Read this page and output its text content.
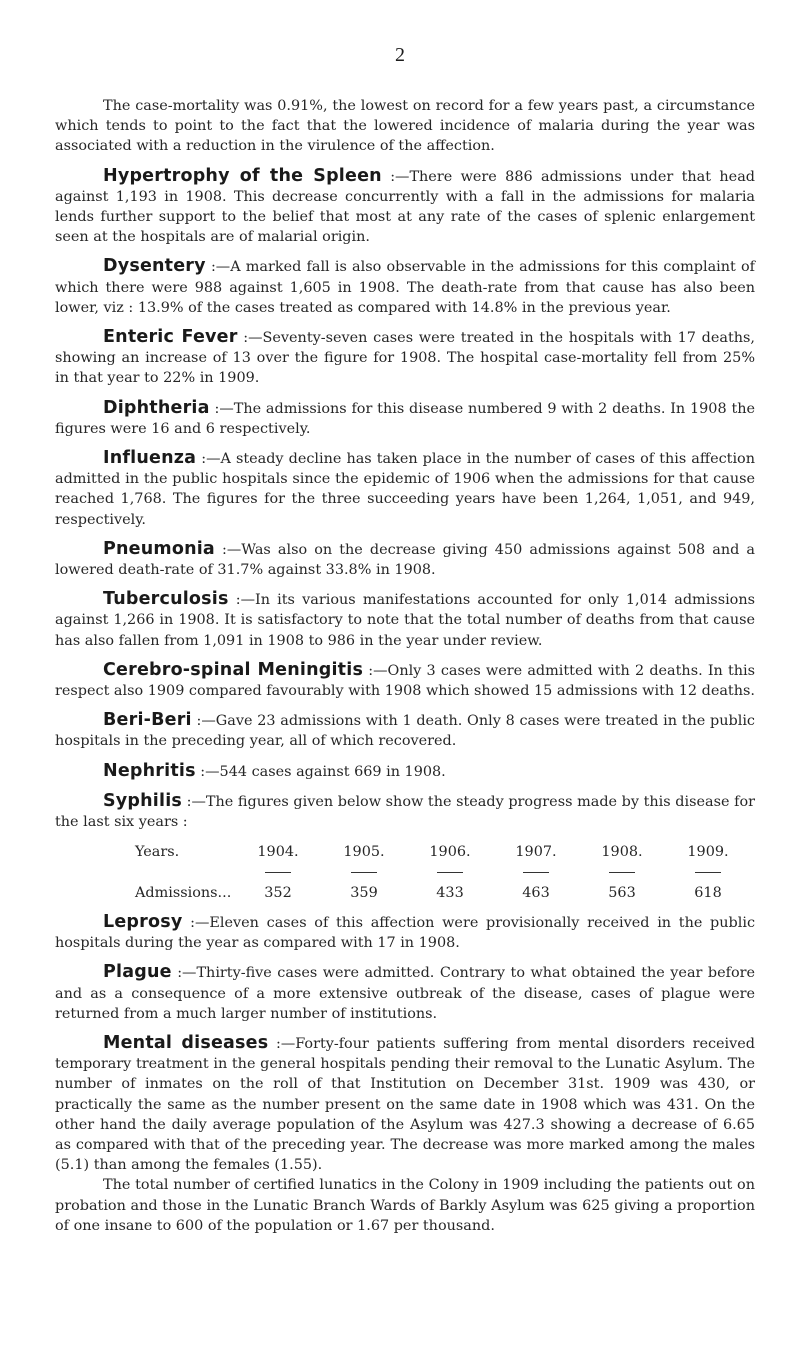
2

The case-mortality was 0.91%, the lowest on record for a few years past, a circumstance which tends to point to the fact that the lowered incidence of malaria during the year was associated with a reduction in the virulence of the affection.

Hypertrophy of the Spleen :—There were 886 admissions under that head against 1,193 in 1908. This decrease concurrently with a fall in the admissions for malaria lends further support to the belief that most at any rate of the cases of splenic enlargement seen at the hospitals are of malarial origin.

Dysentery :—A marked fall is also observable in the admissions for this complaint of which there were 988 against 1,605 in 1908. The death-rate from that cause has also been lower, viz : 13.9% of the cases treated as compared with 14.8% in the previous year.

Enteric Fever :—Seventy-seven cases were treated in the hospitals with 17 deaths, showing an increase of 13 over the figure for 1908. The hospital case-mortality fell from 25% in that year to 22% in 1909.

Diphtheria :—The admissions for this disease numbered 9 with 2 deaths. In 1908 the figures were 16 and 6 respectively.

Influenza :—A steady decline has taken place in the number of cases of this affection admitted in the public hospitals since the epidemic of 1906 when the admissions for that cause reached 1,768. The figures for the three succeeding years have been 1,264, 1,051, and 949, respectively.

Pneumonia :—Was also on the decrease giving 450 admissions against 508 and a lowered death-rate of 31.7% against 33.8% in 1908.

Tuberculosis :—In its various manifestations accounted for only 1,014 admissions against 1,266 in 1908. It is satisfactory to note that the total number of deaths from that cause has also fallen from 1,091 in 1908 to 986 in the year under review.

Cerebro-spinal Meningitis :—Only 3 cases were admitted with 2 deaths. In this respect also 1909 compared favourably with 1908 which showed 15 admissions with 12 deaths.

Beri-Beri :—Gave 23 admissions with 1 death. Only 8 cases were treated in the public hospitals in the preceding year, all of which recovered.

Nephritis :—544 cases against 669 in 1908.

Syphilis :—The figures given below show the steady progress made by this disease for the last six years :

Years.	1904.	1905.	1906.	1907.	1908.	1909.

Admissions...	352	359	433	463	563	618

Leprosy :—Eleven cases of this affection were provisionally received in the public hospitals during the year as compared with 17 in 1908.

Plague :—Thirty-five cases were admitted. Contrary to what obtained the year before and as a consequence of a more extensive outbreak of the disease, cases of plague were returned from a much larger number of institutions.

Mental diseases :—Forty-four patients suffering from mental disorders received temporary treatment in the general hospitals pending their removal to the Lunatic Asylum. The number of inmates on the roll of that Institution on December 31st. 1909 was 430, or practically the same as the number present on the same date in 1908 which was 431. On the other hand the daily average population of the Asylum was 427.3 showing a decrease of 6.65 as compared with that of the preceding year. The decrease was more marked among the males (5.1) than among the females (1.55).

The total number of certified lunatics in the Colony in 1909 including the patients out on probation and those in the Lunatic Branch Wards of Barkly Asylum was 625 giving a proportion of one insane to 600 of the population or 1.67 per thousand.
